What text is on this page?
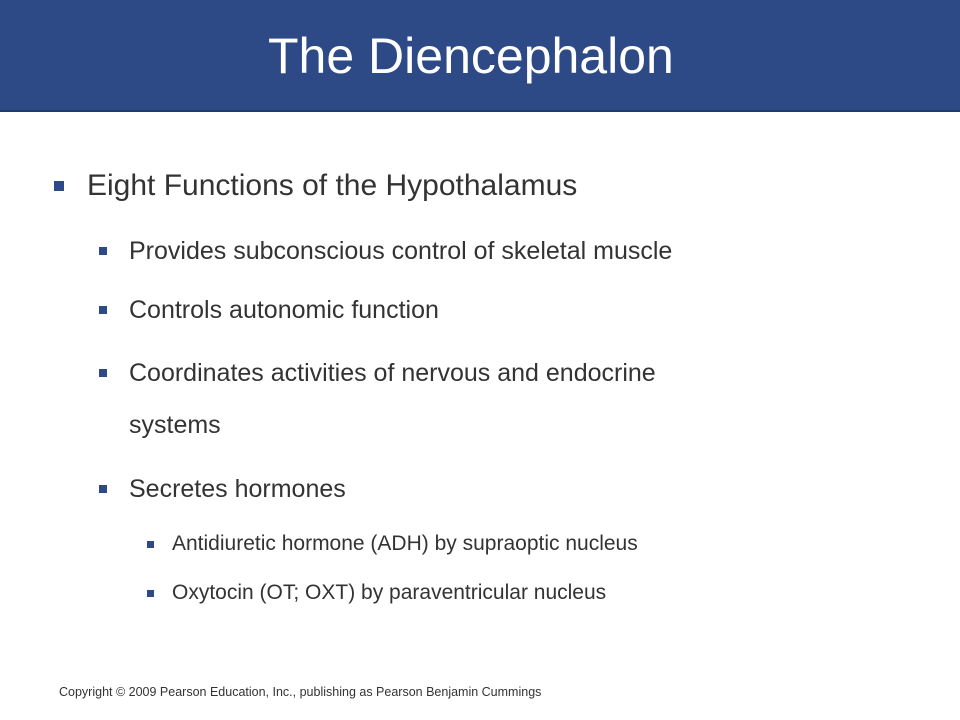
The Diencephalon
Eight Functions of the Hypothalamus
Provides subconscious control of skeletal muscle
Controls autonomic function
Coordinates activities of nervous and endocrine
systems
Secretes hormones
Antidiuretic hormone (ADH) by supraoptic nucleus
Oxytocin (OT; OXT) by paraventricular nucleus
Copyright © 2009 Pearson Education, Inc., publishing as Pearson Benjamin Cummings
